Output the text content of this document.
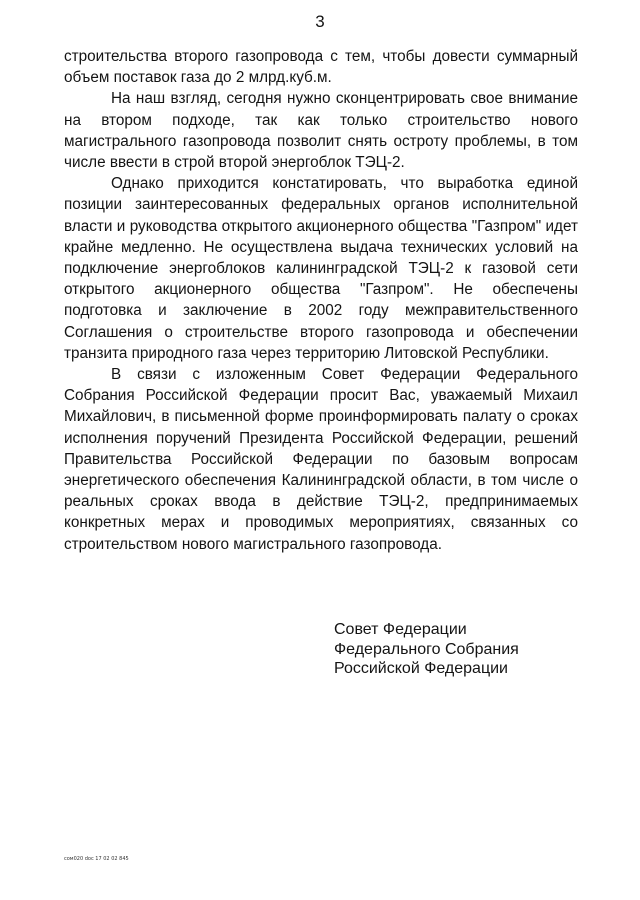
3

строительства второго газопровода с тем, чтобы довести суммарный объем поставок газа до 2 млрд.куб.м.

На наш взгляд, сегодня нужно сконцентрировать свое внимание на втором подходе, так как только строительство нового магистрального газопровода позволит снять остроту проблемы, в том числе ввести в строй второй энергоблок ТЭЦ-2.

Однако приходится констатировать, что выработка единой позиции заинтересованных федеральных органов исполнительной власти и руководства открытого акционерного общества "Газпром" идет крайне медленно. Не осуществлена выдача технических условий на подключение энергоблоков калининградской ТЭЦ-2 к газовой сети открытого акционерного общества "Газпром". Не обеспечены подготовка и заключение в 2002 году межправительственного Соглашения о строительстве второго газопровода и обеспечении транзита природного газа через территорию Литовской Республики.

В связи с изложенным Совет Федерации Федерального Собрания Российской Федерации просит Вас, уважаемый Михаил Михайлович, в письменной форме проинформировать палату о сроках исполнения поручений Президента Российской Федерации, решений Правительства Российской Федерации по базовым вопросам энергетического обеспечения Калининградской области, в том числе о реальных сроках ввода в действие ТЭЦ-2, предпринимаемых конкретных мерах и проводимых мероприятиях, связанных со строительством нового магистрального газопровода.

Совет Федерации
Федерального Собрания
Российской Федерации
сом020 doc 17 02 02 845
